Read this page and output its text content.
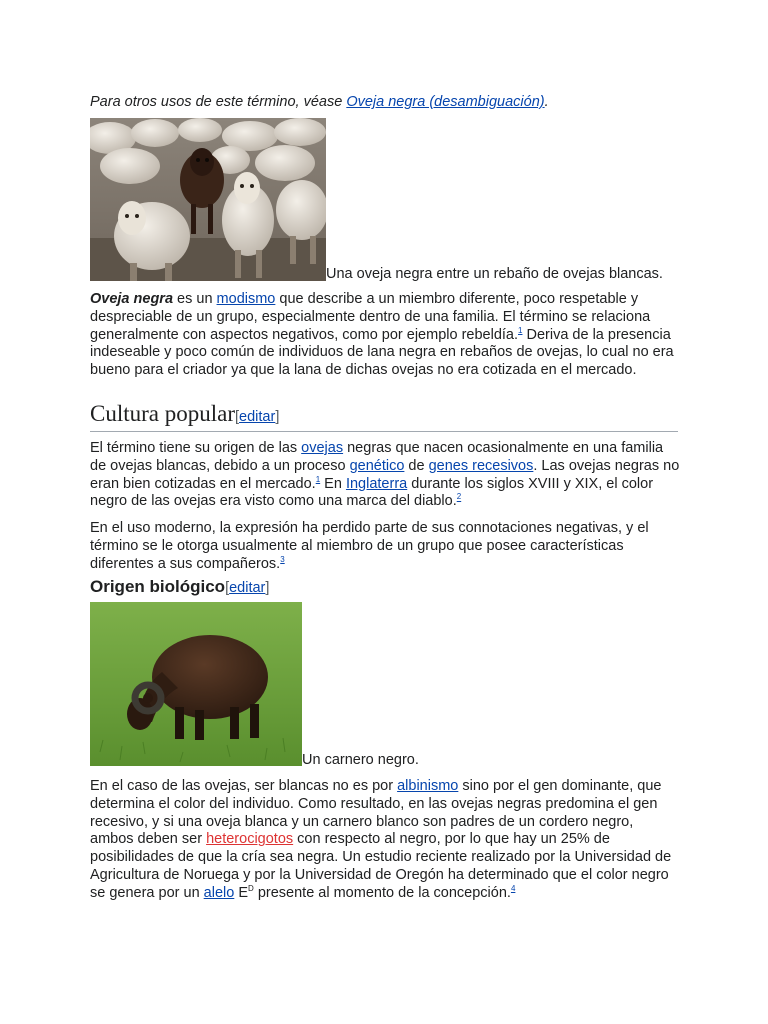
Para otros usos de este término, véase Oveja negra (desambiguación).
Una oveja negra entre un rebaño de ovejas blancas.

Oveja negra es un modismo que describe a un miembro diferente, poco respetable y despreciable de un grupo, especialmente dentro de una familia. El término se relaciona generalmente con aspectos negativos, como por ejemplo rebeldía.$^1$ Deriva de la presencia indeseable y poco común de individuos de lana negra en rebaños de ovejas, lo cual no era bueno para el criador ya que la lana de dichas ovejas no era cotizada en el mercado.

Cultura popular[editar]

El término tiene su origen de las ovejas negras que nacen ocasionalmente en una familia de ovejas blancas, debido a un proceso genético de genes recesivos. Las ovejas negras no eran bien cotizadas en el mercado.$^1$ En Inglaterra durante los siglos XVIII y XIX, el color negro de las ovejas era visto como una marca del diablo.$^2$

En el uso moderno, la expresión ha perdido parte de sus connotaciones negativas, y el término se le otorga usualmente al miembro de un grupo que posee características diferentes a sus compañeros.$^3$

Origen biológico[editar]
Un carnero negro.

En el caso de las ovejas, ser blancas no es por albinismo sino por el gen dominante, que determina el color del individuo. Como resultado, en las ovejas negras predomina el gen recesivo, y si una oveja blanca y un carnero blanco son padres de un cordero negro, ambos deben ser heterocigotos con respecto al negro, por lo que hay un 25% de posibilidades de que la cría sea negra. Un estudio reciente realizado por la Universidad de Agricultura de Noruega y por la Universidad de Oregón ha determinado que el color negro se genera por un alelo $E^D$ presente al momento de la concepción.$^4$
